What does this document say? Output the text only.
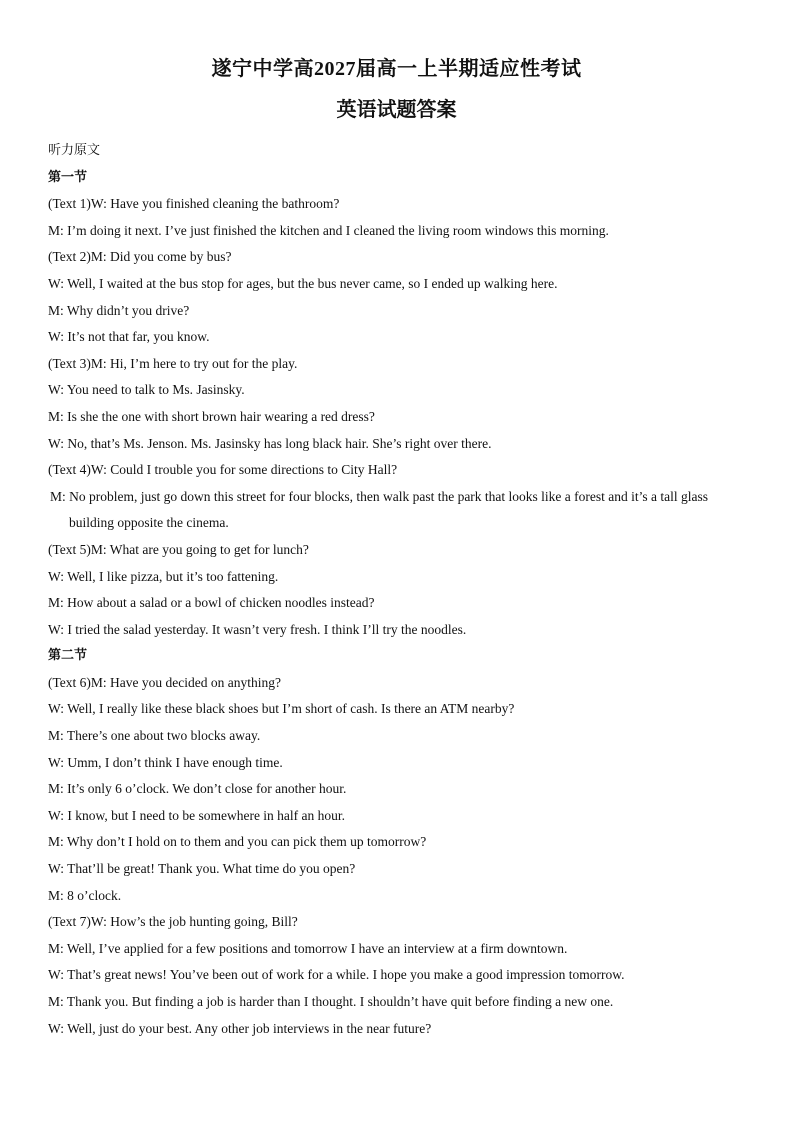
遂宁中学高2027届高一上半期适应性考试
英语试题答案
听力原文
第一节
(Text 1)W: Have you finished cleaning the bathroom?
M: I’m doing it next. I’ve just finished the kitchen and I cleaned the living room windows this morning.
(Text 2)M: Did you come by bus?
W: Well, I waited at the bus stop for ages, but the bus never came, so I ended up walking here.
M: Why didn’t you drive?
W: It’s not that far, you know.
(Text 3)M: Hi, I’m here to try out for the play.
W: You need to talk to Ms. Jasinsky.
M: Is she the one with short brown hair wearing a red dress?
W: No, that’s Ms. Jenson. Ms. Jasinsky has long black hair. She’s right over there.
(Text 4)W: Could I trouble you for some directions to City Hall?
M: No problem, just go down this street for four blocks, then walk past the park that looks like a forest and it’s a tall glass
building opposite the cinema.
(Text 5)M: What are you going to get for lunch?
W: Well, I like pizza, but it’s too fattening.
M: How about a salad or a bowl of chicken noodles instead?
W: I tried the salad yesterday. It wasn’t very fresh. I think I’ll try the noodles.
第二节
(Text 6)M: Have you decided on anything?
W: Well, I really like these black shoes but I’m short of cash. Is there an ATM nearby?
M: There’s one about two blocks away.
W: Umm, I don’t think I have enough time.
M: It’s only 6 o’clock. We don’t close for another hour.
W: I know, but I need to be somewhere in half an hour.
M: Why don’t I hold on to them and you can pick them up tomorrow?
W: That’ll be great! Thank you. What time do you open?
M: 8 o’clock.
(Text 7)W: How’s the job hunting going, Bill?
M: Well, I’ve applied for a few positions and tomorrow I have an interview at a firm downtown.
W: That’s great news! You’ve been out of work for a while. I hope you make a good impression tomorrow.
M: Thank you. But finding a job is harder than I thought. I shouldn’t have quit before finding a new one.
W: Well, just do your best. Any other job interviews in the near future?
